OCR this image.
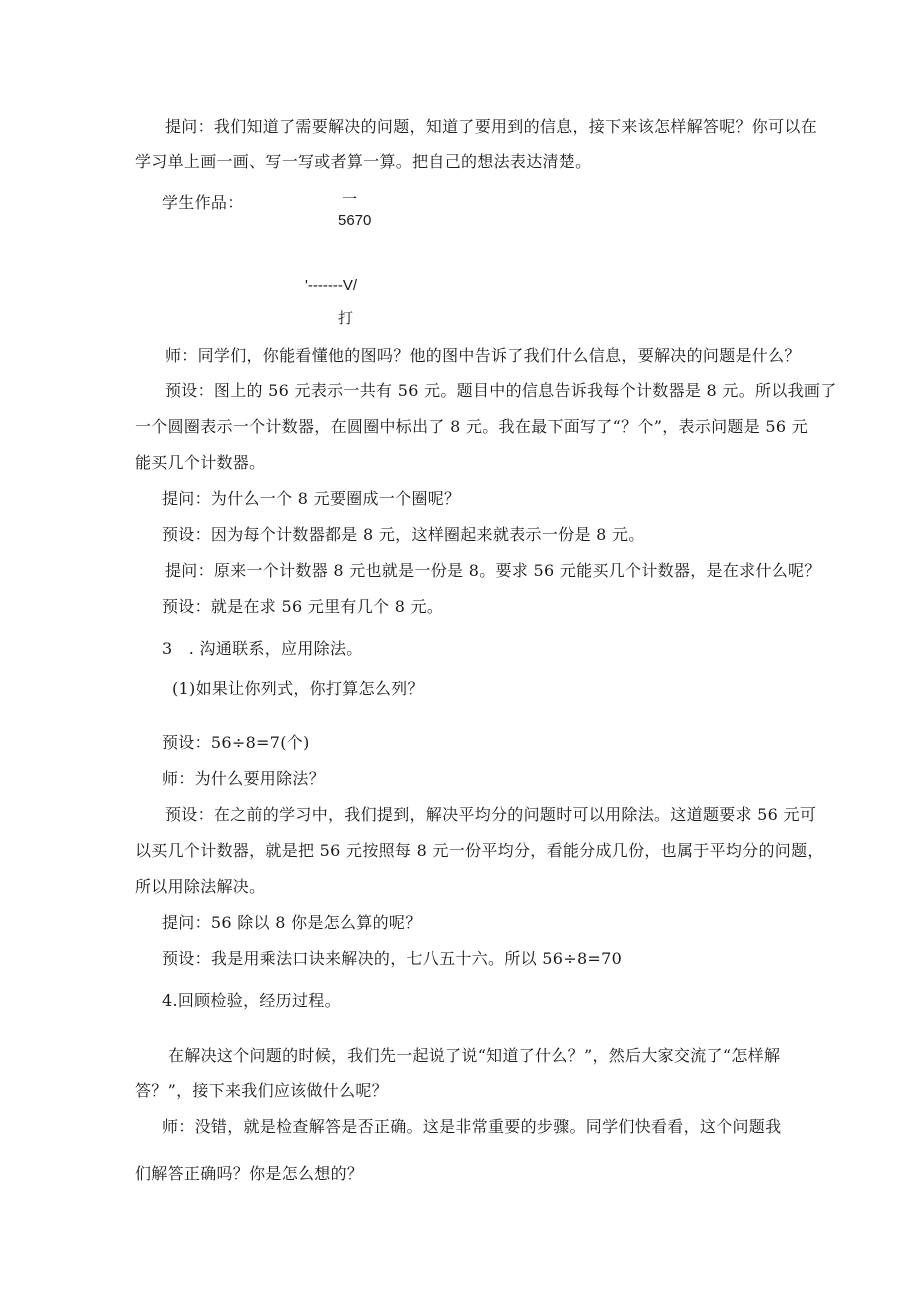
提问：我们知道了需要解决的问题，知道了要用到的信息，接下来该怎样解答呢？你可以在
学习单上画一画、写一写或者算一算。把自己的想法表达清楚。
学生作品：	一
5670
'-------V/
打
师：同学们，你能看懂他的图吗？他的图中告诉了我们什么信息，要解决的问题是什么？
预设：图上的 56 元表示一共有 56 元。题目中的信息告诉我每个计数器是 8 元。所以我画了
一个圆圈表示一个计数器，在圆圈中标出了 8 元。我在最下面写了“？个”，表示问题是 56 元
能买几个计数器。
提问：为什么一个 8 元要圈成一个圈呢？
预设：因为每个计数器都是 8 元，这样圈起来就表示一份是 8 元。
提问：原来一个计数器 8 元也就是一份是 8。要求 56 元能买几个计数器，是在求什么呢？
预设：就是在求 56 元里有几个 8 元。
3　. 沟通联系，应用除法。
(1)如果让你列式，你打算怎么列？
预设：56÷8=7(个)
师：为什么要用除法？
预设：在之前的学习中，我们提到，解决平均分的问题时可以用除法。这道题要求 56 元可
以买几个计数器，就是把 56 元按照每 8 元一份平均分，看能分成几份，也属于平均分的问题，
所以用除法解决。
提问：56 除以 8 你是怎么算的呢？
预设：我是用乘法口诀来解决的，七八五十六。所以 56÷8=70
4.回顾检验，经历过程。
在解决这个问题的时候，我们先一起说了说“知道了什么？”，然后大家交流了“怎样解
答？”，接下来我们应该做什么呢？
师：没错，就是检查解答是否正确。这是非常重要的步骤。同学们快看看，这个问题我
们解答正确吗？你是怎么想的？
